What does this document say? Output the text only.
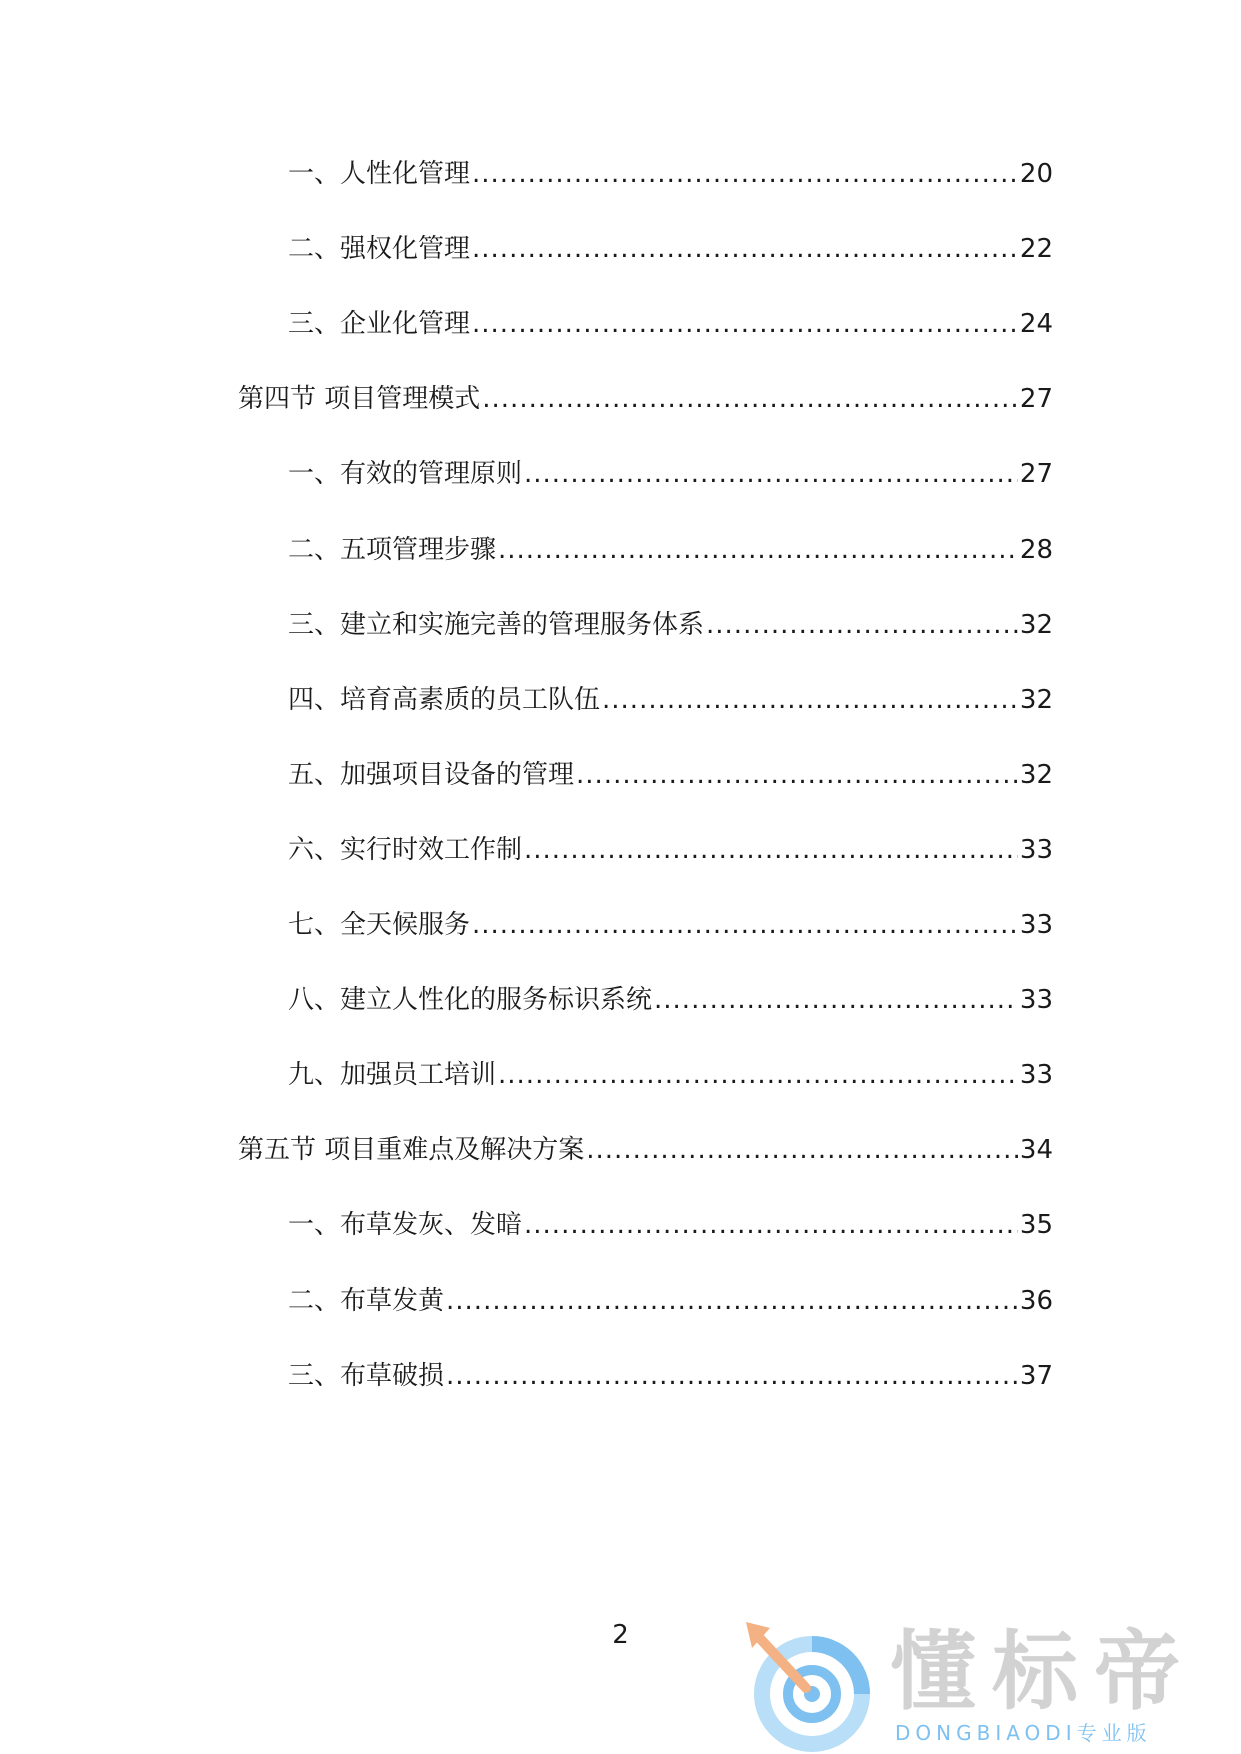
一、人性化管理 .....	20
二、强权化管理 .....	22
三、企业化管理 .....	24
第四节 项目管理模式 .....	27
一、有效的管理原则 .....	27
二、五项管理步骤 .....	28
三、建立和实施完善的管理服务体系 .....	32
四、培育高素质的员工队伍 .....	32
五、加强项目设备的管理 .....	32
六、实行时效工作制 .....	33
七、全天候服务 .....	33
八、建立人性化的服务标识系统 .....	33
九、加强员工培训 .....	33
第五节 项目重难点及解决方案 .....	34
一、布草发灰、发暗 .....	35
二、布草发黄 .....	36
三、布草破损 .....	37
2	懂标帝
DONGBIAODI专业版
